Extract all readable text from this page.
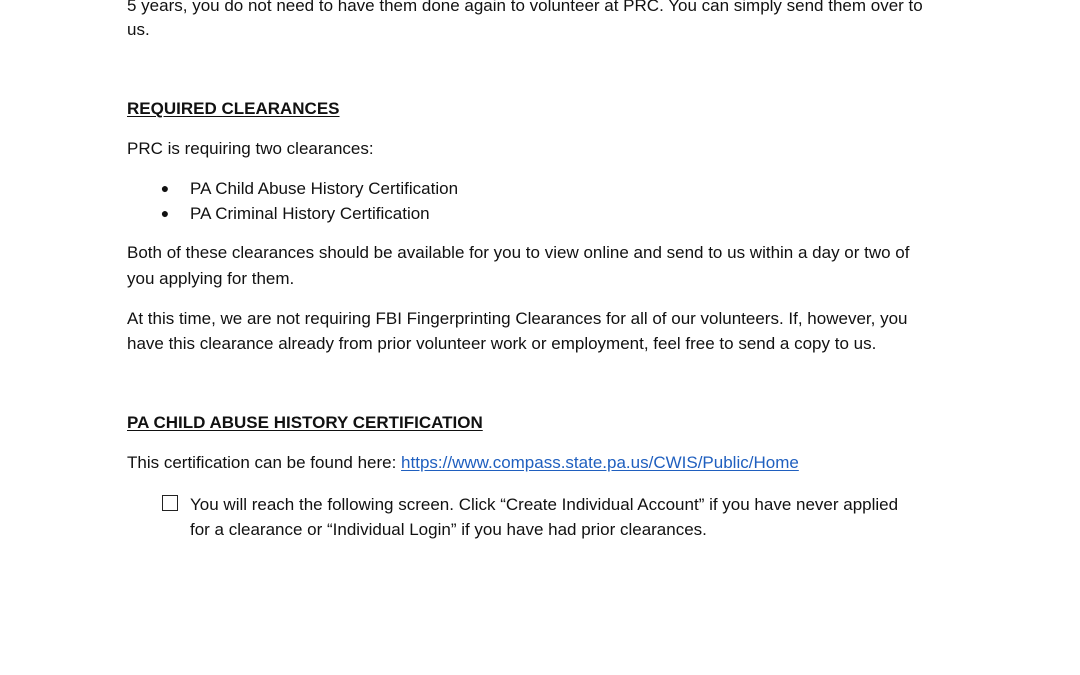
5 years, you do not need to have them done again to volunteer at PRC. You can simply send them over to
us.
REQUIRED CLEARANCES
PRC is requiring two clearances:
● PA Child Abuse History Certification
● PA Criminal History Certification
Both of these clearances should be available for you to view online and send to us within a day or two of
you applying for them.
At this time, we are not requiring FBI Fingerprinting Clearances for all of our volunteers. If, however, you
have this clearance already from prior volunteer work or employment, feel free to send a copy to us.
PA CHILD ABUSE HISTORY CERTIFICATION
This certification can be found here: https://www.compass.state.pa.us/CWIS/Public/Home
You will reach the following screen. Click “Create Individual Account” if you have never applied
for a clearance or “Individual Login” if you have had prior clearances.
